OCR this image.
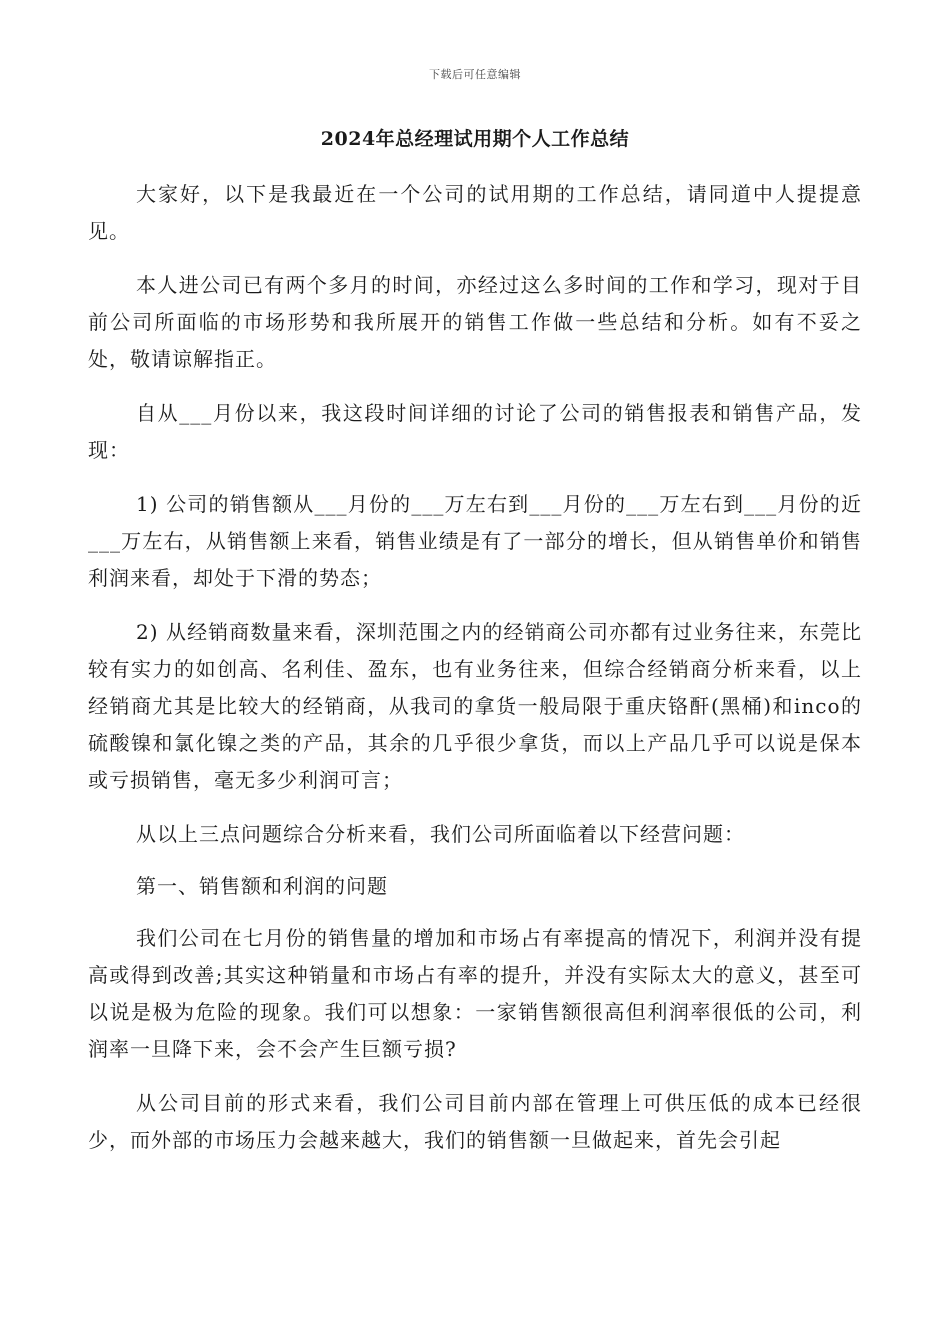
下载后可任意编辑
2024年总经理试用期个人工作总结

大家好，以下是我最近在一个公司的试用期的工作总结，请同道中人提提意见。

本人进公司已有两个多月的时间，亦经过这么多时间的工作和学习，现对于目前公司所面临的市场形势和我所展开的销售工作做一些总结和分析。如有不妥之处，敬请谅解指正。

自从___月份以来，我这段时间详细的讨论了公司的销售报表和销售产品，发现：

1) 公司的销售额从___月份的___万左右到___月份的___万左右到___月份的近___万左右，从销售额上来看，销售业绩是有了一部分的增长，但从销售单价和销售利润来看，却处于下滑的势态；

2) 从经销商数量来看，深圳范围之内的经销商公司亦都有过业务往来，东莞比较有实力的如创高、名利佳、盈东，也有业务往来，但综合经销商分析来看，以上经销商尤其是比较大的经销商，从我司的拿货一般局限于重庆铬酐(黑桶)和inco的硫酸镍和氯化镍之类的产品，其余的几乎很少拿货，而以上产品几乎可以说是保本或亏损销售，毫无多少利润可言；

从以上三点问题综合分析来看，我们公司所面临着以下经营问题：

第一、销售额和利润的问题

我们公司在七月份的销售量的增加和市场占有率提高的情况下，利润并没有提高或得到改善;其实这种销量和市场占有率的提升，并没有实际太大的意义，甚至可以说是极为危险的现象。我们可以想象：一家销售额很高但利润率很低的公司，利润率一旦降下来，会不会产生巨额亏损?

从公司目前的形式来看，我们公司目前内部在管理上可供压低的成本已经很少，而外部的市场压力会越来越大，我们的销售额一旦做起来，首先会引起
